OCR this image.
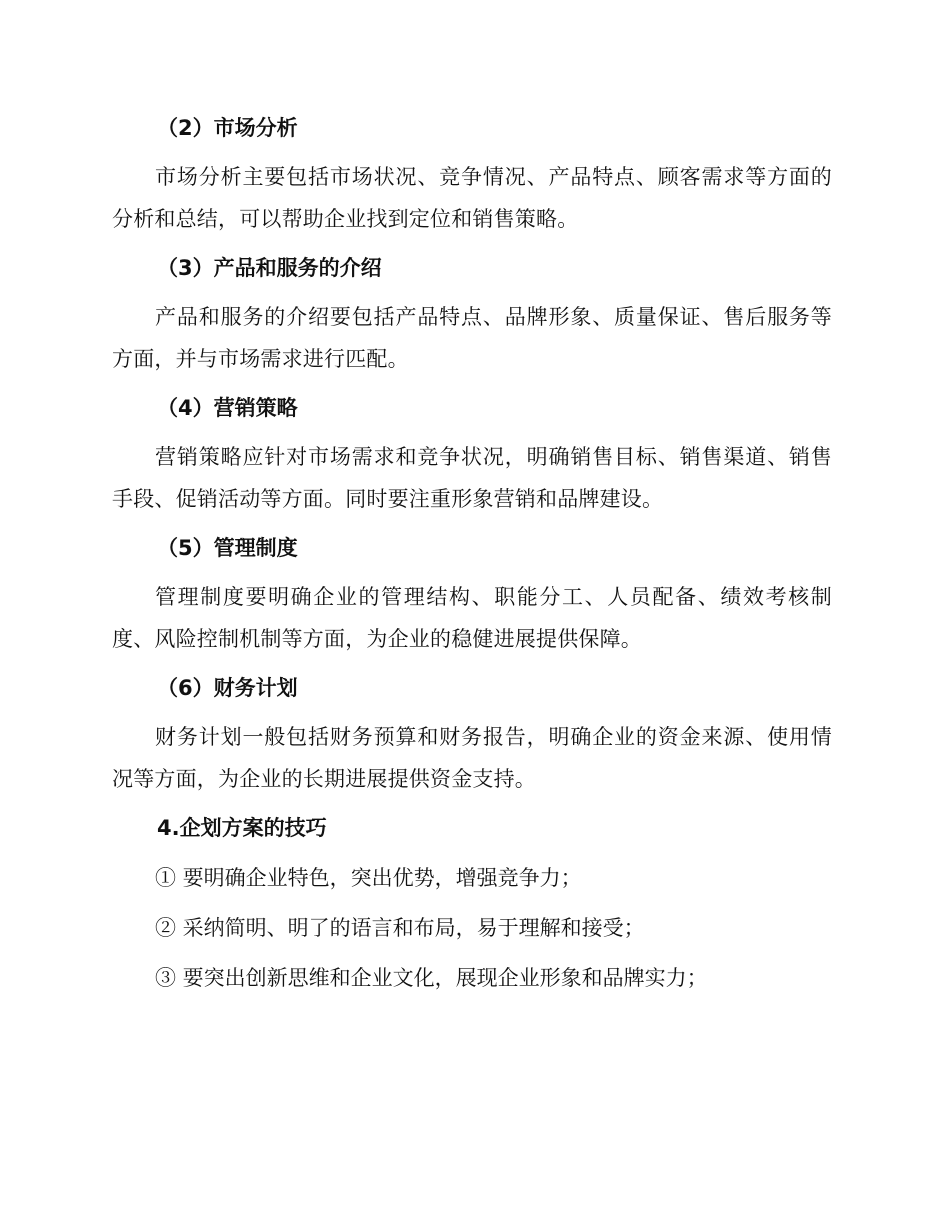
（2）市场分析

市场分析主要包括市场状况、竞争情况、产品特点、顾客需求等方面的分析和总结，可以帮助企业找到定位和销售策略。

（3）产品和服务的介绍

产品和服务的介绍要包括产品特点、品牌形象、质量保证、售后服务等方面，并与市场需求进行匹配。

（4）营销策略

营销策略应针对市场需求和竞争状况，明确销售目标、销售渠道、销售手段、促销活动等方面。同时要注重形象营销和品牌建设。

（5）管理制度

管理制度要明确企业的管理结构、职能分工、人员配备、绩效考核制度、风险控制机制等方面，为企业的稳健进展提供保障。

（6）财务计划

财务计划一般包括财务预算和财务报告，明确企业的资金来源、使用情况等方面，为企业的长期进展提供资金支持。

4.企划方案的技巧

① 要明确企业特色，突出优势，增强竞争力；

② 采纳简明、明了的语言和布局，易于理解和接受；

③ 要突出创新思维和企业文化，展现企业形象和品牌实力；
